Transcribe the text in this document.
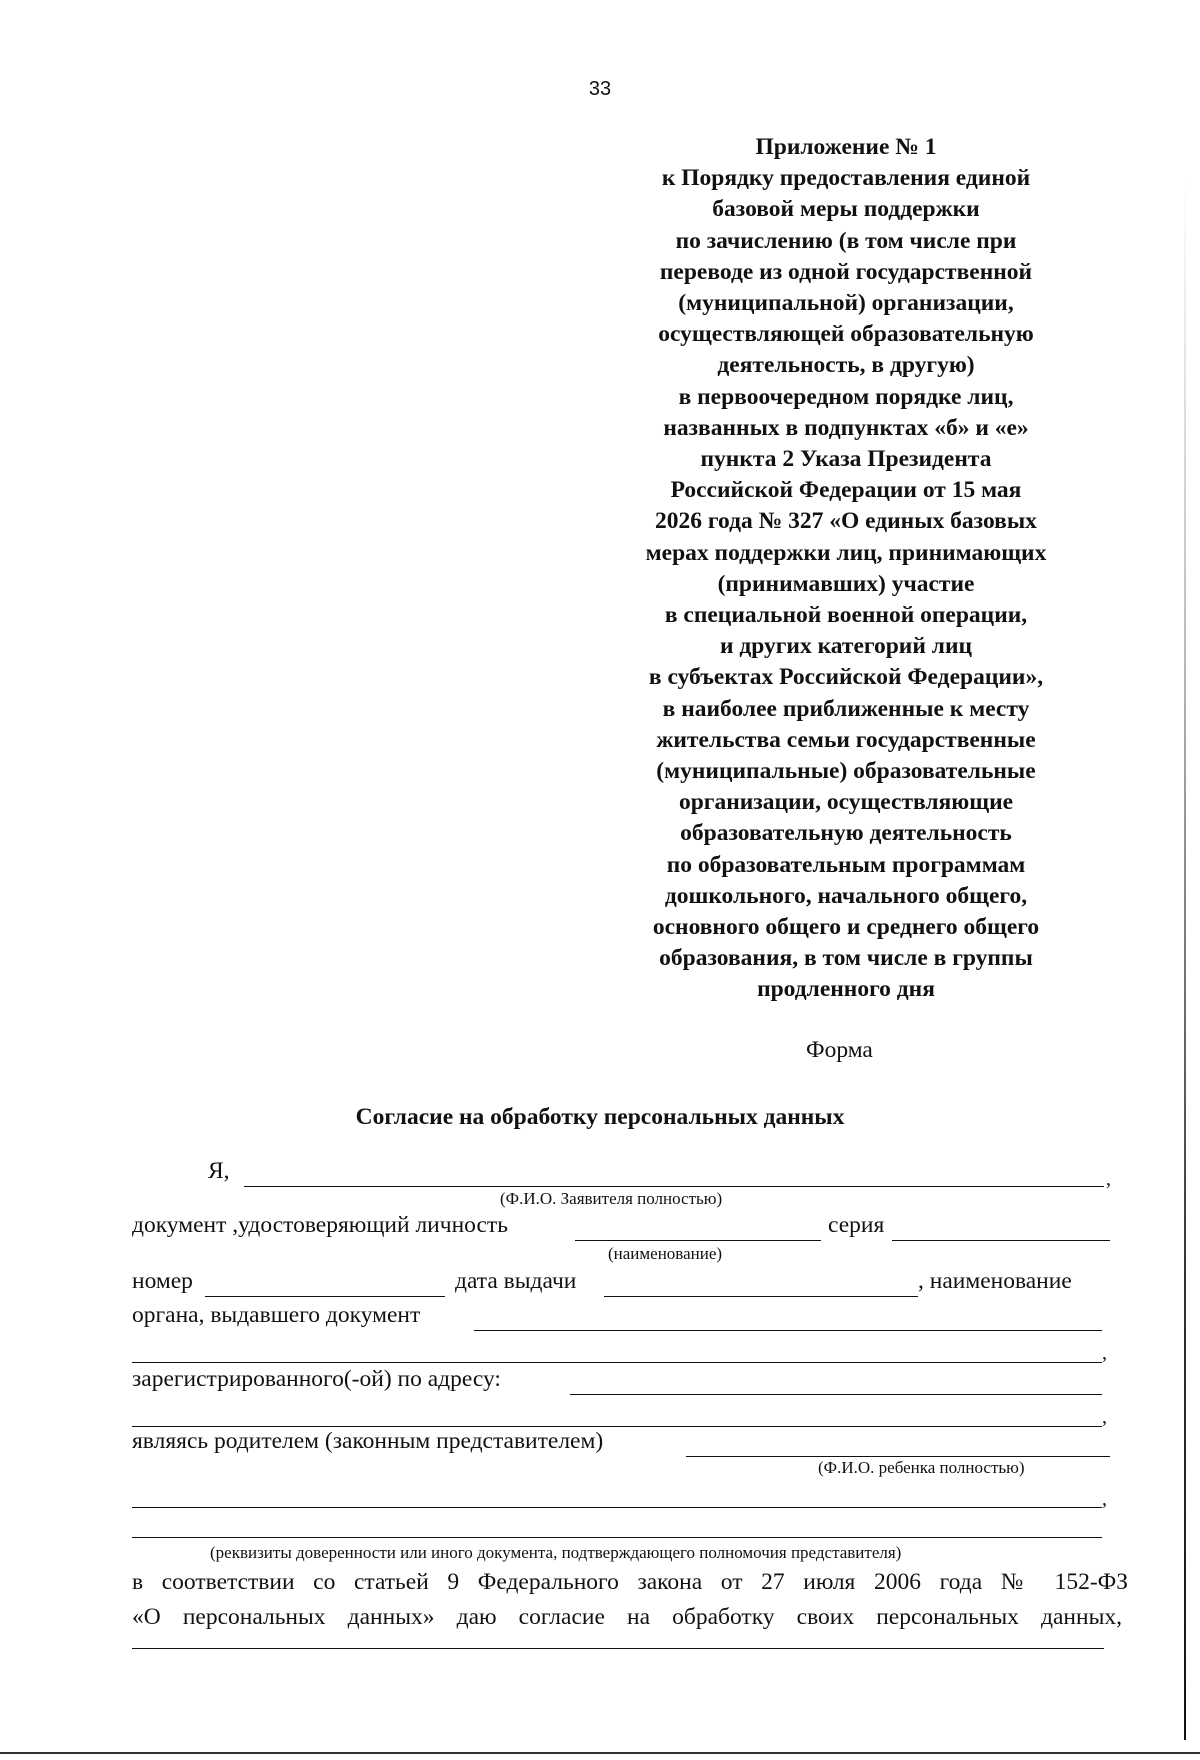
33
Приложение № 1
к Порядку предоставления единой
базовой меры поддержки
по зачислению (в том числе при
переводе из одной государственной
(муниципальной) организации,
осуществляющей образовательную
деятельность, в другую)
в первоочередном порядке лиц,
названных в подпунктах «б» и «е»
пункта 2 Указа Президента
Российской Федерации от 15 мая
2026 года № 327 «О единых базовых
мерах поддержки лиц, принимающих
(принимавших) участие
в специальной военной операции,
и других категорий лиц
в субъектах Российской Федерации»,
в наиболее приближенные к месту
жительства семьи государственные
(муниципальные) образовательные
организации, осуществляющие
образовательную деятельность
по образовательным программам
дошкольного, начального общего,
основного общего и среднего общего
образования, в том числе в группы
продленного дня
Форма
Согласие на обработку персональных данных
Я,	,
(Ф.И.О. Заявителя полностью)
документ ,удостоверяющий личность	серия
(наименование)
номер	дата выдачи	, наименование
органа, выдавшего документ
,
зарегистрированного(-ой) по адресу:
,
являясь родителем (законным представителем)
(Ф.И.О. ребенка полностью)
,
(реквизиты доверенности или иного документа, подтверждающего полномочия представителя)
в соответствии со статьей 9 Федерального закона от 27 июля 2006 года № 152-ФЗ
«О персональных данных» даю согласие на обработку своих персональных данных,
